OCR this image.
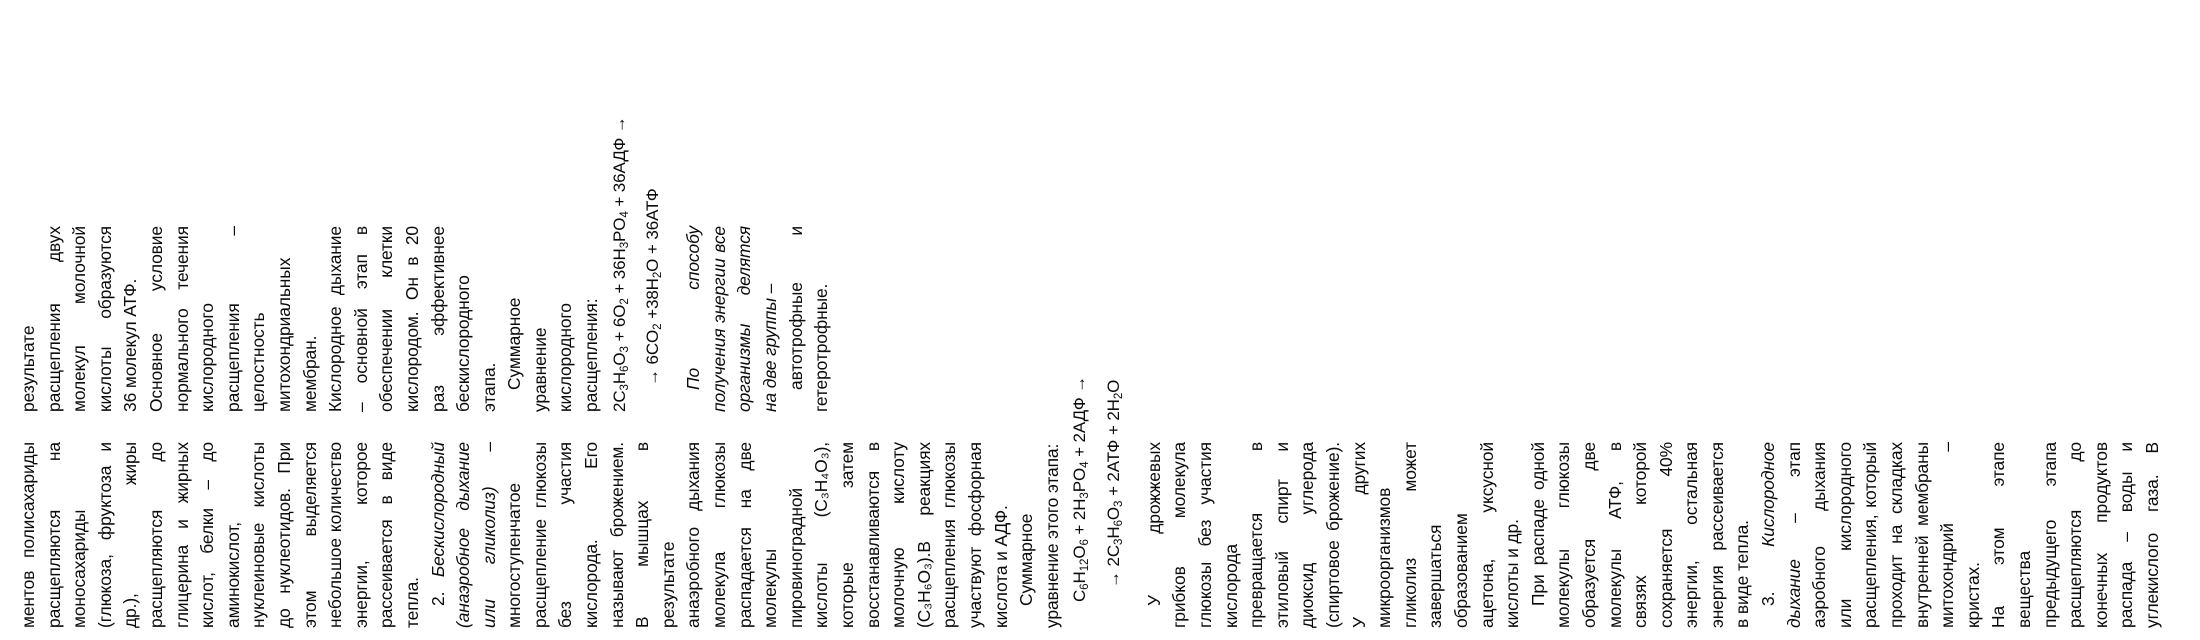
ментов полисахариды расщепляются на моносахариды (глюкоза, фруктоза и др.), жиры расщепляются до глицерина и жирных кислот, белки – до аминокислот, нуклеиновые кислоты до нуклеотидов. При этом выделяется небольшое количество энергии, которое рассеивается в виде тепла. 2. Бескислородный (анаэробное дыхание или гликолиз) – многоступенчатое расщепление глюкозы без участия кислорода. Его называют брожением. В мышцах в результате анаэробного дыхания молекула глюкозы распадается на две молекулы пировиноградной кислоты (C₃H₄O₃), которые затем восстанавливаются в молочную кислоту (C₃H₆O₃).В реакциях расщепления глюкозы участвуют фосфорная кислота и АДФ. Суммарное уравнение этого этапа: $C_6H_{12}O_6 + 2H_3PO_4 + 2АДФ$ →
→ $2C_3H_6O_3 + 2АТФ + 2H_2O$

У дрожжевых грибков молекула глюкозы без участия кислорода превращается в этиловый спирт и диоксид углерода (спиртовое брожение). У других микроорганизмов гликолиз может завершаться образованием ацетона, уксусной кислоты и др. При распаде одной молекулы глюкозы образуется две молекулы АТФ, в связях которой сохраняется 40% энергии, остальная энергия рассеивается в виде тепла. 3. Кислородное дыхание – этап аэробного дыхания или кислородного расщепления, который проходит на складках внутренней мембраны митохондрий – кристах. На этом этапе вещества предыдущего этапа расщепляются до конечных продуктов распада – воды и углекислого газа. В результате расщепления двух молекул молочной кислоты образуются 36 молекул АТФ. Основное условие нормального течения кислородного расщепления – целостность митохондриальных мембран. Кислородное дыхание – основной этап в обеспечении клетки кислородом. Он в 20 раз эффективнее бескислородного этапа. Суммарное уравнение кислородного расщепления: $2C_3H_6O_3 + 6O_2 + 36H_3PO_4 + 36АДФ$ →
→ $6CO_2 +38H_2O + 36АТФ$	По способу получения энергии все организмы делятся на две группы – автотрофные и гетеротрофные.
